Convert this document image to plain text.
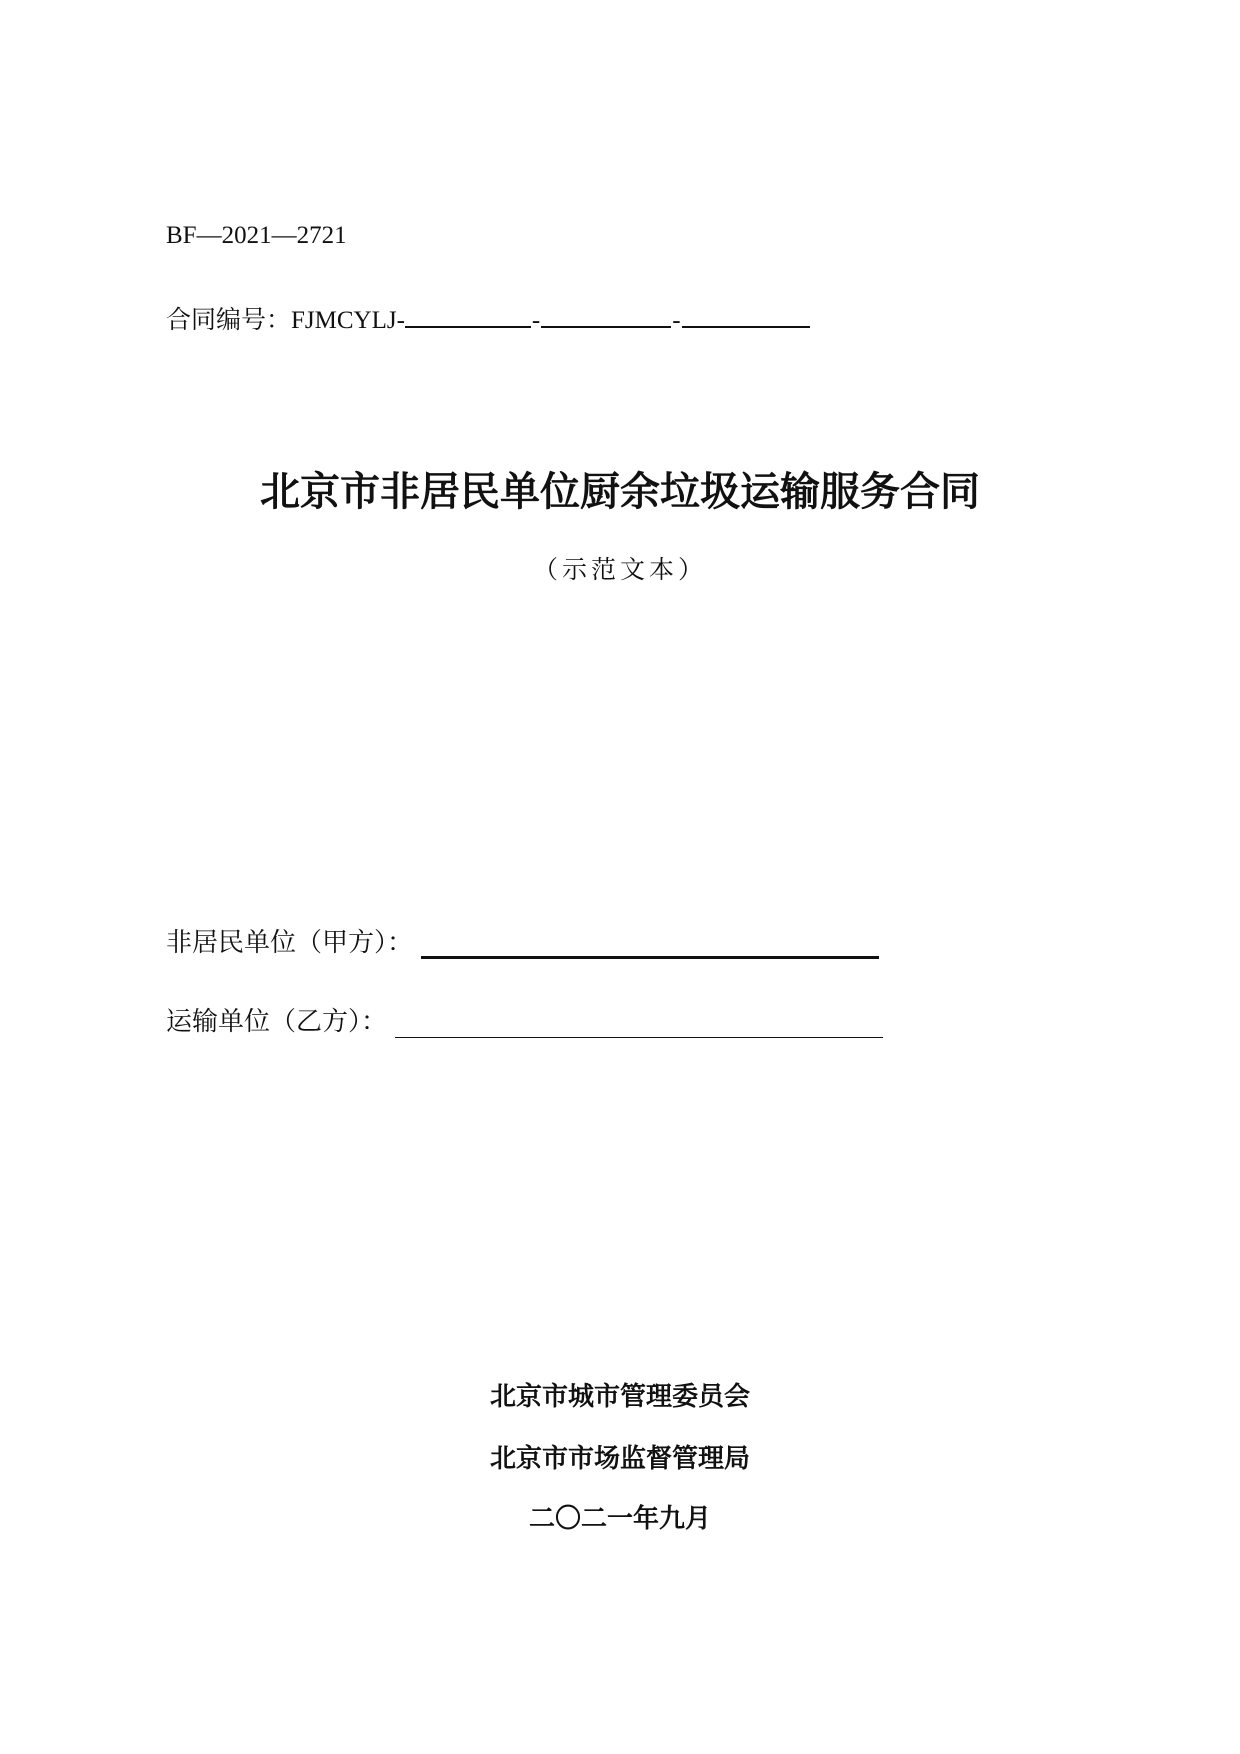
BF—2021—2721
合同编号：FJMCYLJ-	-	-
北京市非居民单位厨余垃圾运输服务合同
（示范文本）
非居民单位（甲方）：
运输单位（乙方）：
北京市城市管理委员会
北京市市场监督管理局
二〇二一年九月
